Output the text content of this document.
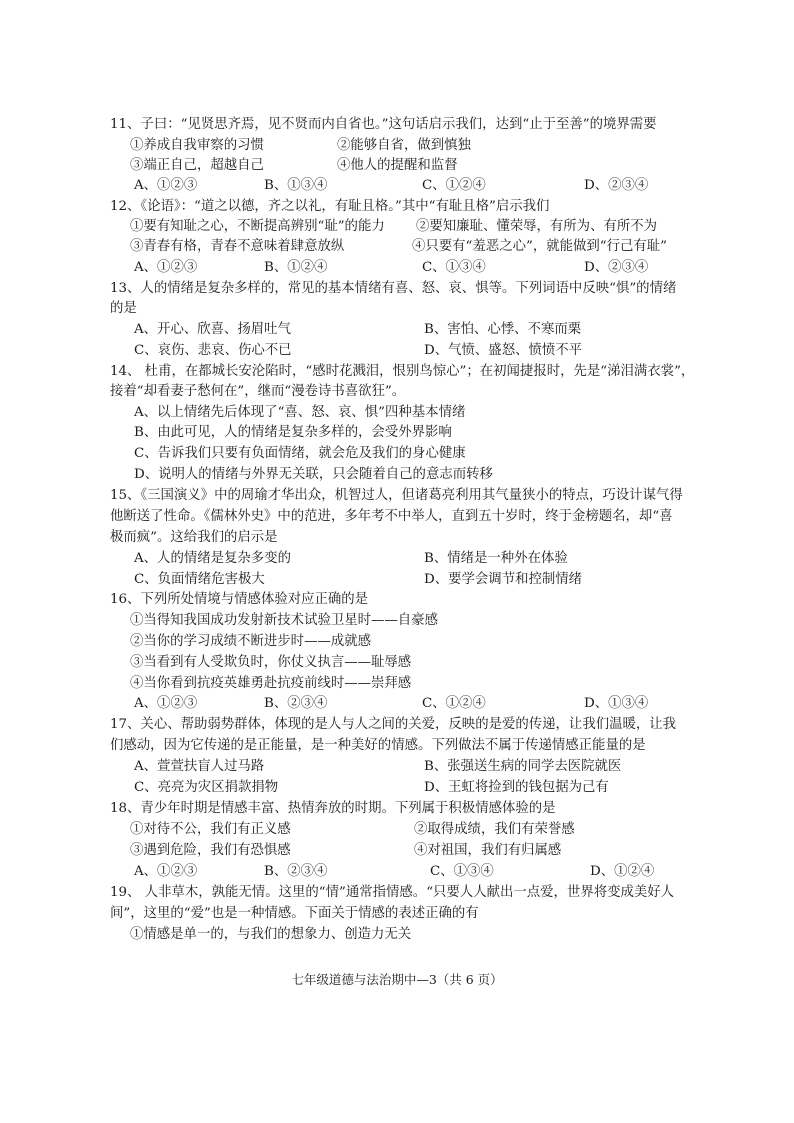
11、子曰：“见贤思齐焉，见不贤而内自省也。”这句话启示我们，达到“止于至善”的境界需要
①养成自我审察的习惯	②能够自省，做到慎独
③端正自己，超越自己	④他人的提醒和监督
A、①②③	B、①③④	C、①②④	D、②③④
12、《论语》：“道之以德，齐之以礼，有耻且格。”其中“有耻且格”启示我们
①要有知耻之心，不断提高辨别“耻”的能力 ②要知廉耻、懂荣辱，有所为、有所不为
③青春有格，青春不意味着肆意放纵	④只要有“羞恶之心”，就能做到“行己有耻”
A、①②③	B、①②④	C、①③④	D、②③④
13、人的情绪是复杂多样的，常见的基本情绪有喜、怒、哀、惧等。下列词语中反映“惧”的情绪
的是
A、开心、欣喜、扬眉吐气	B、害怕、心悸、不寒而栗
C、哀伤、悲哀、伤心不已	D、气愤、盛怒、愤愤不平
14、 杜甫，在都城长安沦陷时，“感时花溅泪，恨别鸟惊心”；在初闻捷报时，先是“涕泪满衣裳”，
接着“却看妻子愁何在”，继而“漫卷诗书喜欲狂”。
A、以上情绪先后体现了“喜、怒、哀、惧”四种基本情绪
B、由此可见，人的情绪是复杂多样的，会受外界影响
C、告诉我们只要有负面情绪，就会危及我们的身心健康
D、说明人的情绪与外界无关联，只会随着自己的意志而转移
15、《三国演义》中的周瑜才华出众，机智过人，但诸葛亮利用其气量狭小的特点，巧设计谋气得
他断送了性命。《儒林外史》中的范进，多年考不中举人，直到五十岁时，终于金榜题名，却“喜
极而疯”。这给我们的启示是
A、人的情绪是复杂多变的	B、情绪是一种外在体验
C、负面情绪危害极大	D、要学会调节和控制情绪
16、下列所处情境与情感体验对应正确的是
①当得知我国成功发射新技术试验卫星时——自豪感
②当你的学习成绩不断进步时——成就感
③当看到有人受欺负时，你仗义执言——耻辱感
④当你看到抗疫英雄勇赴抗疫前线时——崇拜感
A、①②③	B、②③④	C、①②④	D、①③④
17、关心、帮助弱势群体，体现的是人与人之间的关爱，反映的是爱的传递，让我们温暖，让我
们感动，因为它传递的是正能量，是一种美好的情感。下列做法不属于传递情感正能量的是
A、萱萱扶盲人过马路	B、张强送生病的同学去医院就医
C、亮亮为灾区捐款捐物	D、王虹将捡到的钱包据为己有
18、青少年时期是情感丰富、热情奔放的时期。下列属于积极情感体验的是
①对待不公，我们有正义感	②取得成绩，我们有荣誉感
③遇到危险，我们有恐惧感	④对祖国，我们有归属感
A、①②③	B、②③④	C、①③④	D、①②④
19、 人非草木，孰能无情。这里的“情”通常指情感。“只要人人献出一点爱，世界将变成美好人
间”，这里的“爱”也是一种情感。下面关于情感的表述正确的有
①情感是单一的，与我们的想象力、创造力无关
七年级道德与法治期中—3（共 6 页）
